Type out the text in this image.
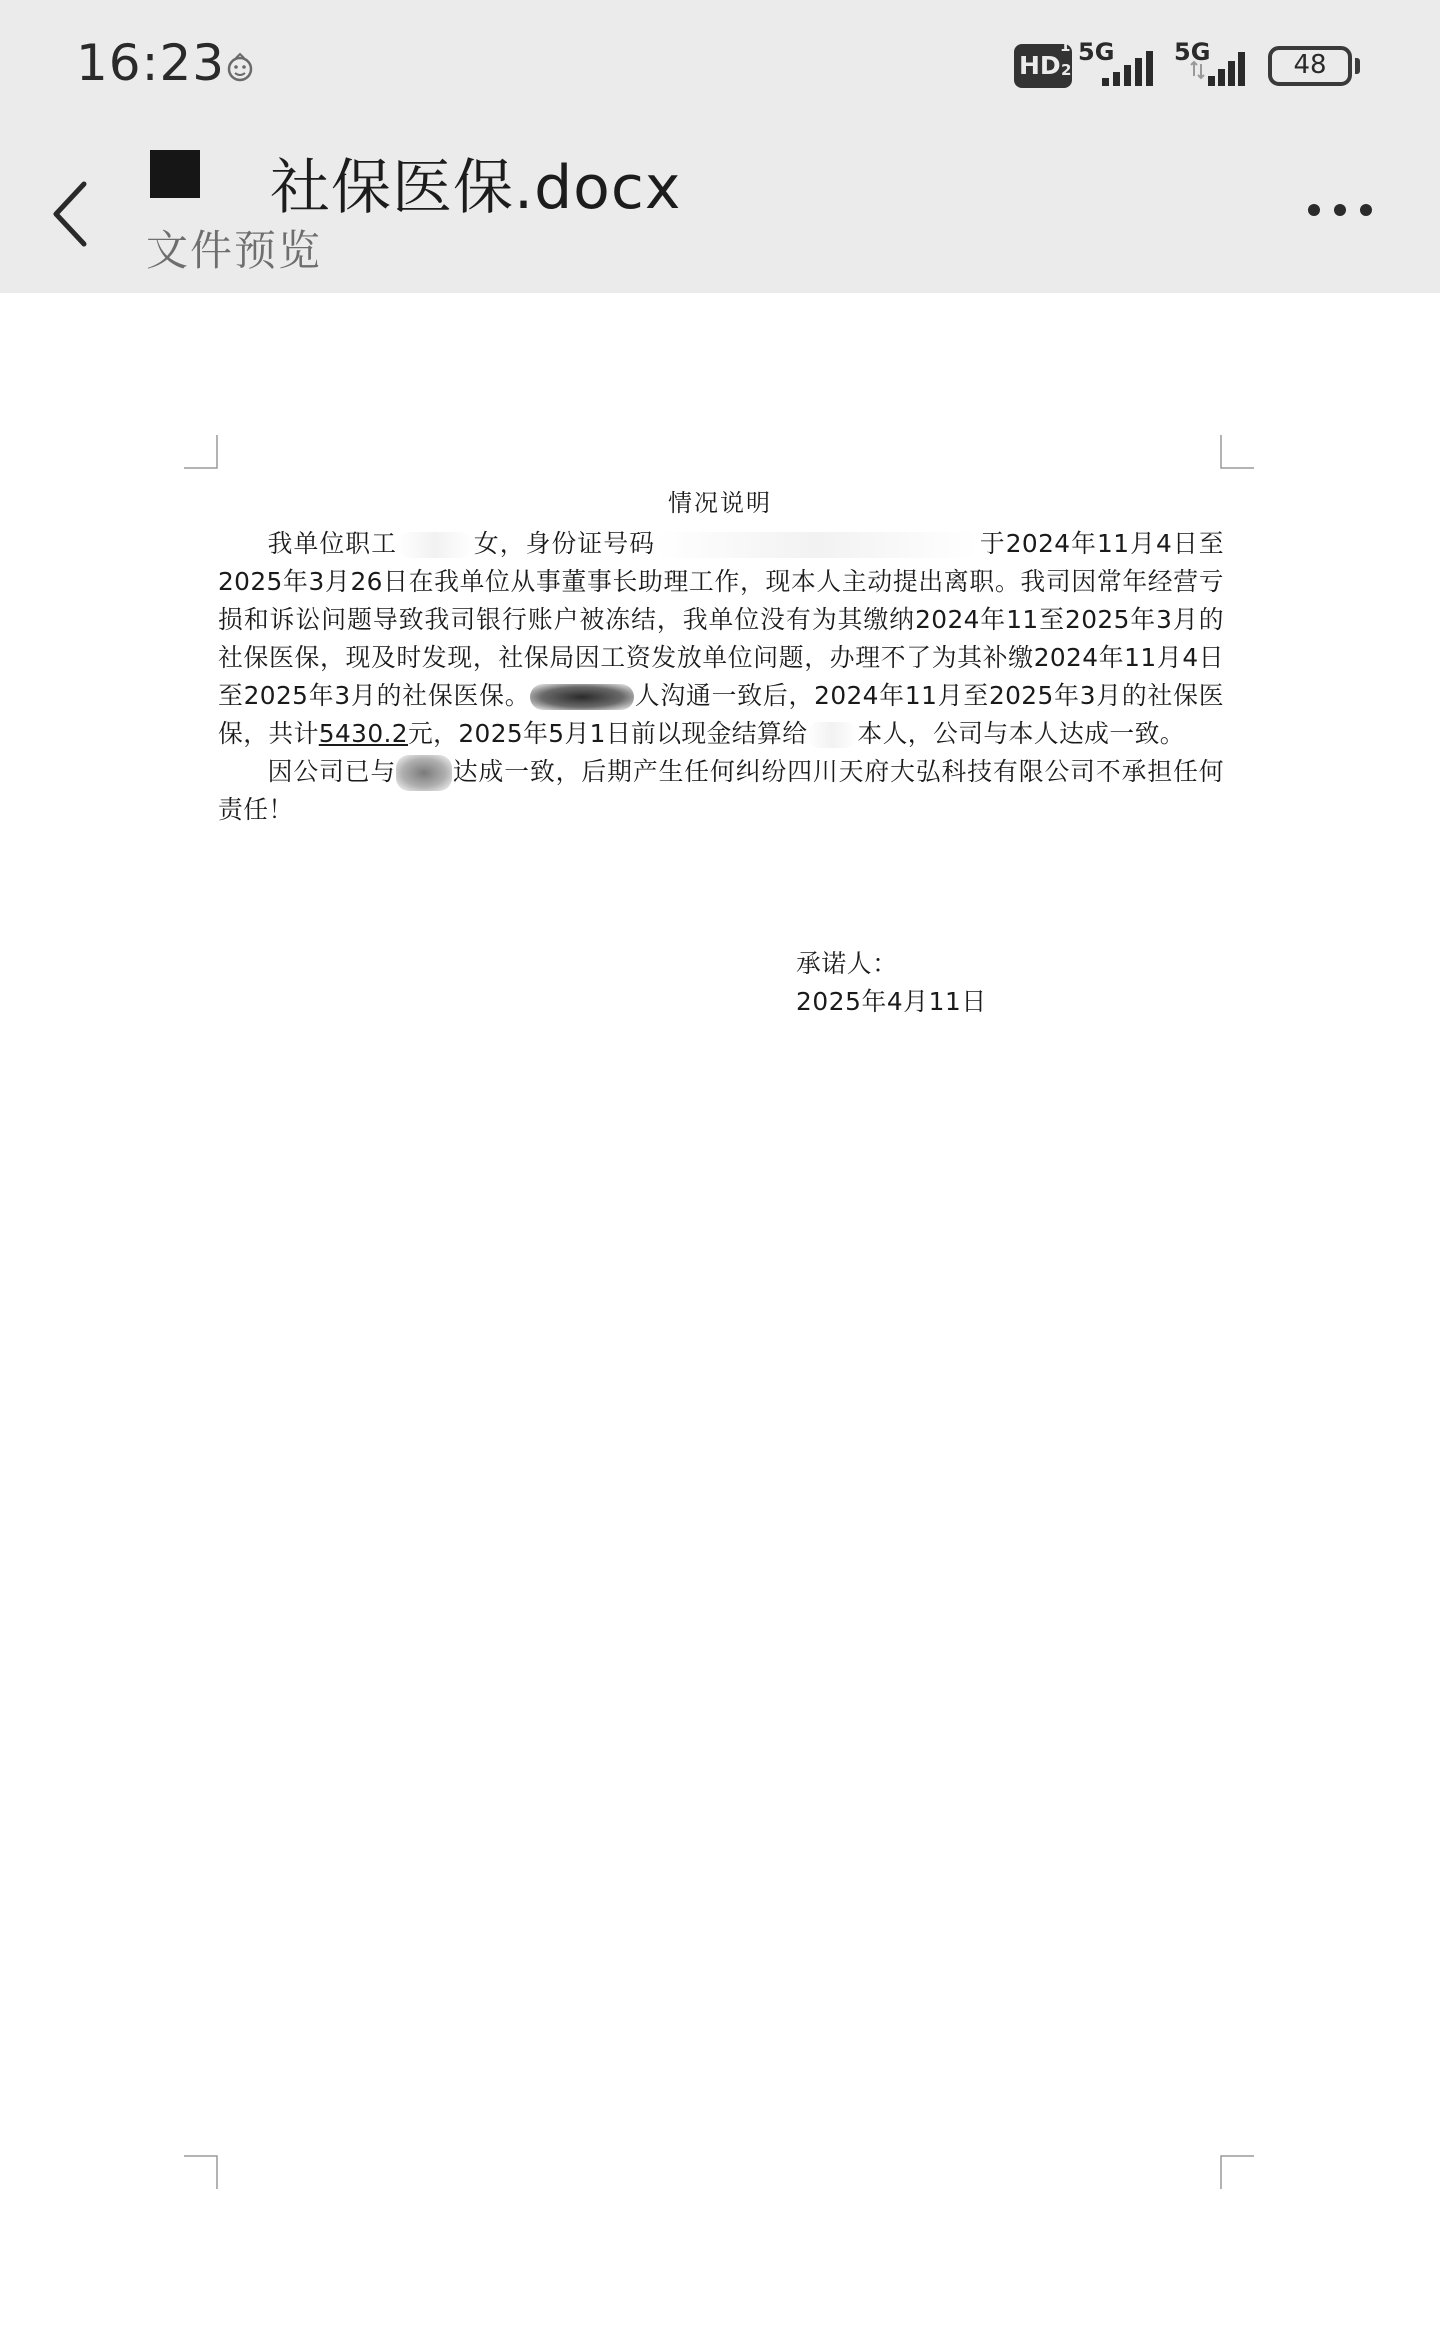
16:23	HD
1
2
5G 5G	48
社保医保.docx
文件预览
情况说明

我单位职工	女，身份证号码	于2024年11月4日至2025年3月26日在我单位从事董事长助理工作，现本人主动提出离职。我司因常年经营亏损和诉讼问题导致我司银行账户被冻结，我单位没有为其缴纳2024年11至2025年3月的社保医保，现及时发现，社保局因工资发放单位问题，办理不了为其补缴2024年11月4日至2025年3月的社保医保。	人沟通一致后，2024年11月至2025年3月的社保医保，共计5430.2元，2025年5月1日前以现金结算给 本人，公司与本人达成一致。

因公司已与 达成一致，后期产生任何纠纷四川天府大弘科技有限公司不承担任何责任！

承诺人：
2025年4月11日
